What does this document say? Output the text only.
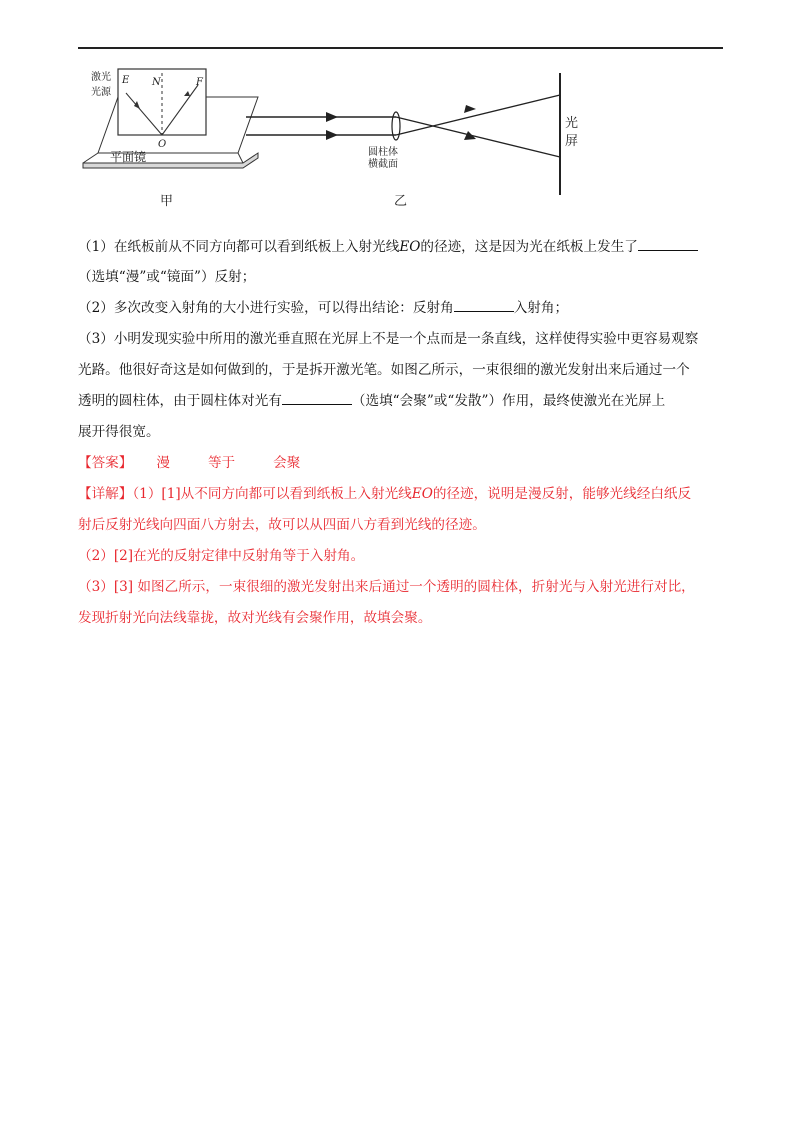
激光
光源
E N	F
O
平面镜
甲
圆柱体
横截面
光
屏
乙
（1）在纸板前从不同方向都可以看到纸板上入射光线EO的径迹，这是因为光在纸板上发生了
（选填“漫”或“镜面”）反射；
（2）多次改变入射角的大小进行实验，可以得出结论：反射角	入射角；
（3）小明发现实验中所用的激光垂直照在光屏上不是一个点而是一条直线，这样使得实验中更容易观察
光路。他很好奇这是如何做到的，于是拆开激光笔。如图乙所示，一束很细的激光发射出来后通过一个
透明的圆柱体，由于圆柱体对光有	（选填“会聚”或“发散”）作用，最终使激光在光屏上
展开得很宽。
【答案】 漫	等于	会聚
【详解】（1）[1]从不同方向都可以看到纸板上入射光线EO的径迹，说明是漫反射，能够光线经白纸反
射后反射光线向四面八方射去，故可以从四面八方看到光线的径迹。
（2）[2]在光的反射定律中反射角等于入射角。
（3）[3] 如图乙所示，一束很细的激光发射出来后通过一个透明的圆柱体，折射光与入射光进行对比，
发现折射光向法线靠拢，故对光线有会聚作用，故填会聚。
